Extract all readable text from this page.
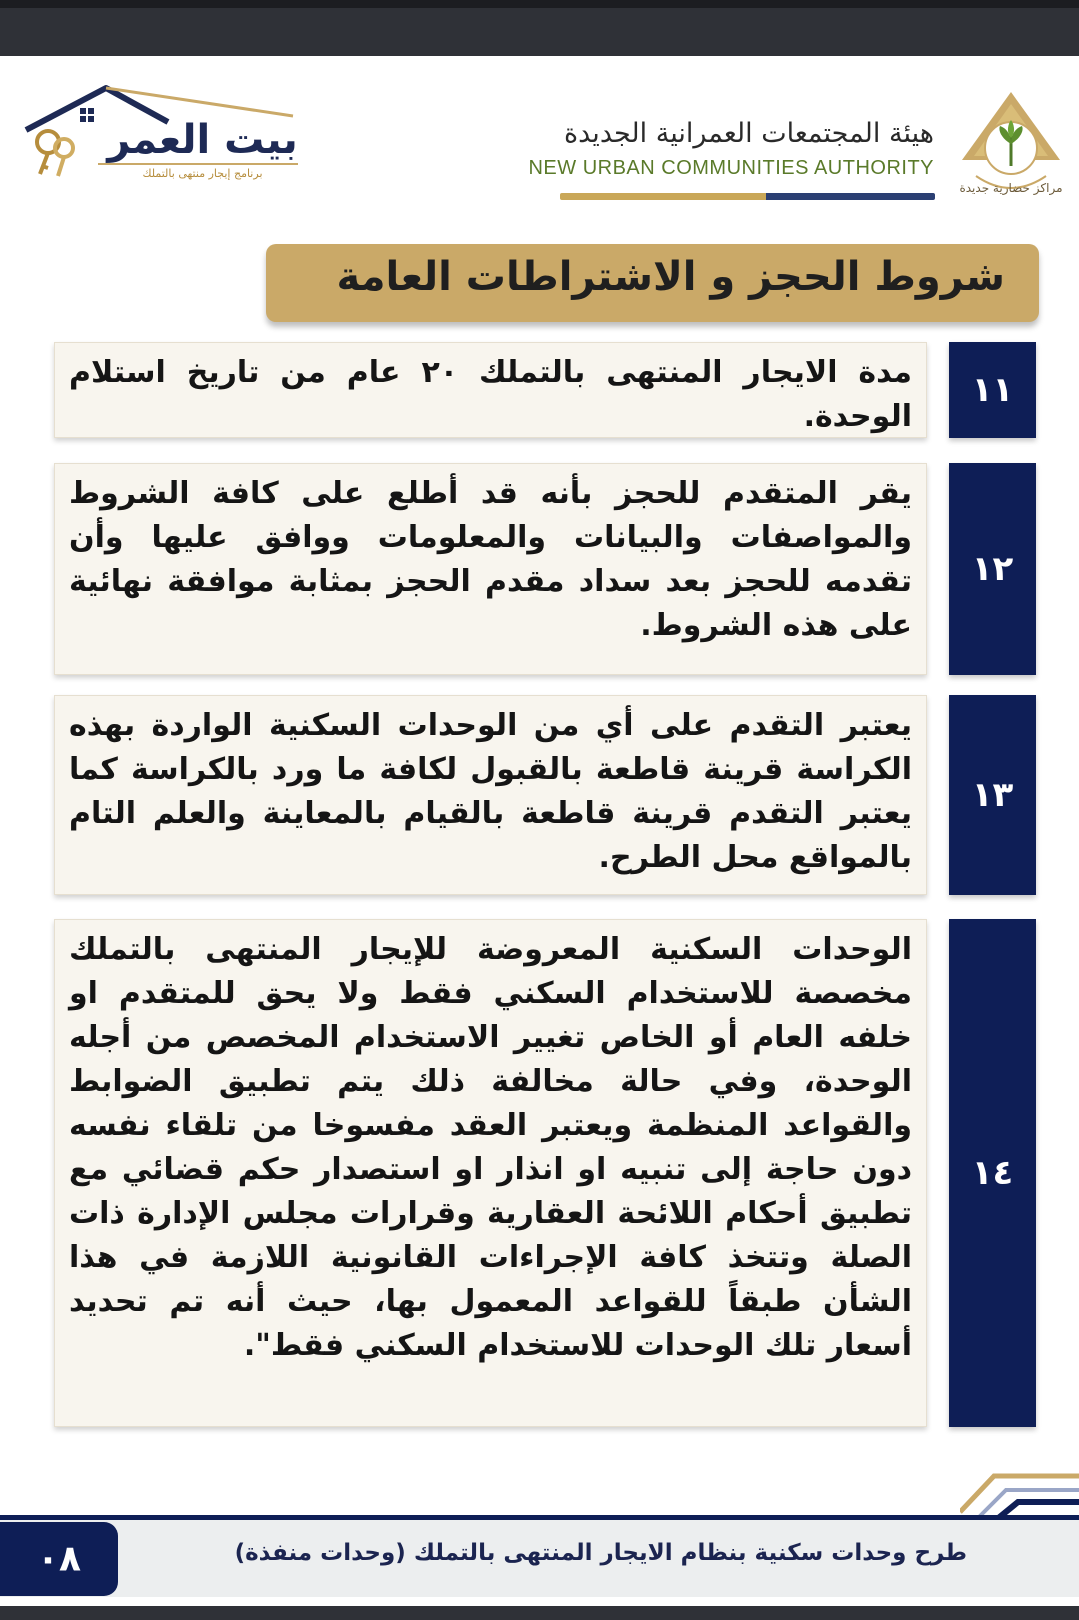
مراكز حضارية جديدة
هيئة المجتمعات العمرانية الجديدة
NEW URBAN COMMUNITIES AUTHORITY
بيت العمر
برنامج إيجار منتهى بالتملك
شروط الحجز و الاشتراطات العامة

مدة الايجار المنتهى بالتملك ٢٠ عام من تاريخ استلام الوحدة.

١١

يقر المتقدم للحجز بأنه قد أطلع على كافة الشروط والمواصفات والبيانات والمعلومات ووافق عليها وأن تقدمه للحجز بعد سداد مقدم الحجز بمثابة موافقة نهائية على هذه الشروط.

١٢

يعتبر التقدم على أي من الوحدات السكنية الواردة بهذه الكراسة قرينة قاطعة بالقبول لكافة ما ورد بالكراسة كما يعتبر التقدم قرينة قاطعة بالقيام بالمعاينة والعلم التام بالمواقع محل الطرح.

١٣

الوحدات السكنية المعروضة للإيجار المنتهى بالتملك مخصصة للاستخدام السكني فقط ولا يحق للمتقدم او خلفه العام أو الخاص تغيير الاستخدام المخصص من أجله الوحدة، وفي حالة مخالفة ذلك يتم تطبيق الضوابط والقواعد المنظمة ويعتبر العقد مفسوخا من تلقاء نفسه دون حاجة إلى تنبيه او انذار او استصدار حكم قضائي مع تطبيق أحكام اللائحة العقارية وقرارات مجلس الإدارة ذات الصلة وتتخذ كافة الإجراءات القانونية اللازمة في هذا الشأن طبقاً للقواعد المعمول بها، حيث أنه تم تحديد أسعار تلك الوحدات للاستخدام السكني فقط".

١٤
٠٨	طرح وحدات سكنية بنظام الايجار المنتهى بالتملك (وحدات منفذة)
